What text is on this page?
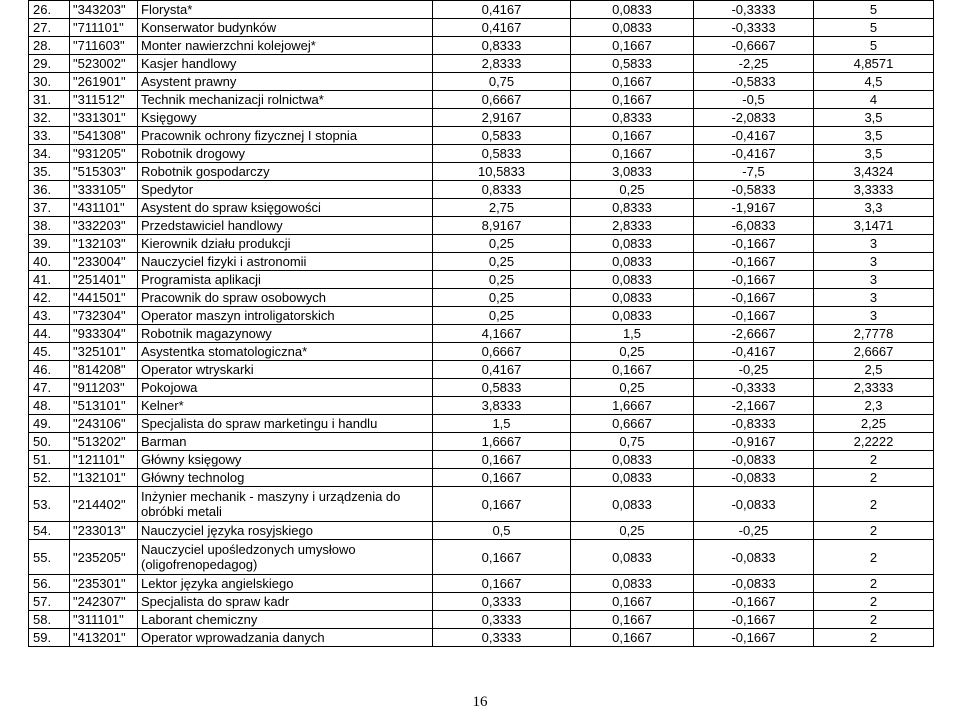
26.	"343203"	Florysta*	0,4167	0,0833	-0,3333	5
27.	"711101"	Konserwator budynków	0,4167	0,0833	-0,3333	5
28.	"711603"	Monter nawierzchni kolejowej*	0,8333	0,1667	-0,6667	5
29.	"523002"	Kasjer handlowy	2,8333	0,5833	-2,25	4,8571
30.	"261901"	Asystent prawny	0,75	0,1667	-0,5833	4,5
31.	"311512"	Technik mechanizacji rolnictwa*	0,6667	0,1667	-0,5	4
32.	"331301"	Księgowy	2,9167	0,8333	-2,0833	3,5
33.	"541308"	Pracownik ochrony fizycznej I stopnia	0,5833	0,1667	-0,4167	3,5
34.	"931205"	Robotnik drogowy	0,5833	0,1667	-0,4167	3,5
35.	"515303"	Robotnik gospodarczy	10,5833	3,0833	-7,5	3,4324
36.	"333105"	Spedytor	0,8333	0,25	-0,5833	3,3333
37.	"431101"	Asystent do spraw księgowości	2,75	0,8333	-1,9167	3,3
38.	"332203"	Przedstawiciel handlowy	8,9167	2,8333	-6,0833	3,1471
39.	"132103"	Kierownik działu produkcji	0,25	0,0833	-0,1667	3
40.	"233004"	Nauczyciel fizyki i astronomii	0,25	0,0833	-0,1667	3
41.	"251401"	Programista aplikacji	0,25	0,0833	-0,1667	3
42.	"441501"	Pracownik do spraw osobowych	0,25	0,0833	-0,1667	3
43.	"732304"	Operator maszyn introligatorskich	0,25	0,0833	-0,1667	3
44.	"933304"	Robotnik magazynowy	4,1667	1,5	-2,6667	2,7778
45.	"325101"	Asystentka stomatologiczna*	0,6667	0,25	-0,4167	2,6667
46.	"814208"	Operator wtryskarki	0,4167	0,1667	-0,25	2,5
47.	"911203"	Pokojowa	0,5833	0,25	-0,3333	2,3333
48.	"513101"	Kelner*	3,8333	1,6667	-2,1667	2,3
49.	"243106"	Specjalista do spraw marketingu i handlu	1,5	0,6667	-0,8333	2,25
50.	"513202"	Barman	1,6667	0,75	-0,9167	2,2222
51.	"121101"	Główny księgowy	0,1667	0,0833	-0,0833	2
52.	"132101"	Główny technolog	0,1667	0,0833	-0,0833	2
53.	"214402"	Inżynier mechanik - maszyny i urządzenia do obróbki metali	0,1667	0,0833	-0,0833	2
54.	"233013"	Nauczyciel języka rosyjskiego	0,5	0,25	-0,25	2
55.	"235205"	Nauczyciel upośledzonych umysłowo (oligofrenopedagog)	0,1667	0,0833	-0,0833	2
56.	"235301"	Lektor języka angielskiego	0,1667	0,0833	-0,0833	2
57.	"242307"	Specjalista do spraw kadr	0,3333	0,1667	-0,1667	2
58.	"311101"	Laborant chemiczny	0,3333	0,1667	-0,1667	2
59.	"413201"	Operator wprowadzania danych	0,3333	0,1667	-0,1667	2
16
